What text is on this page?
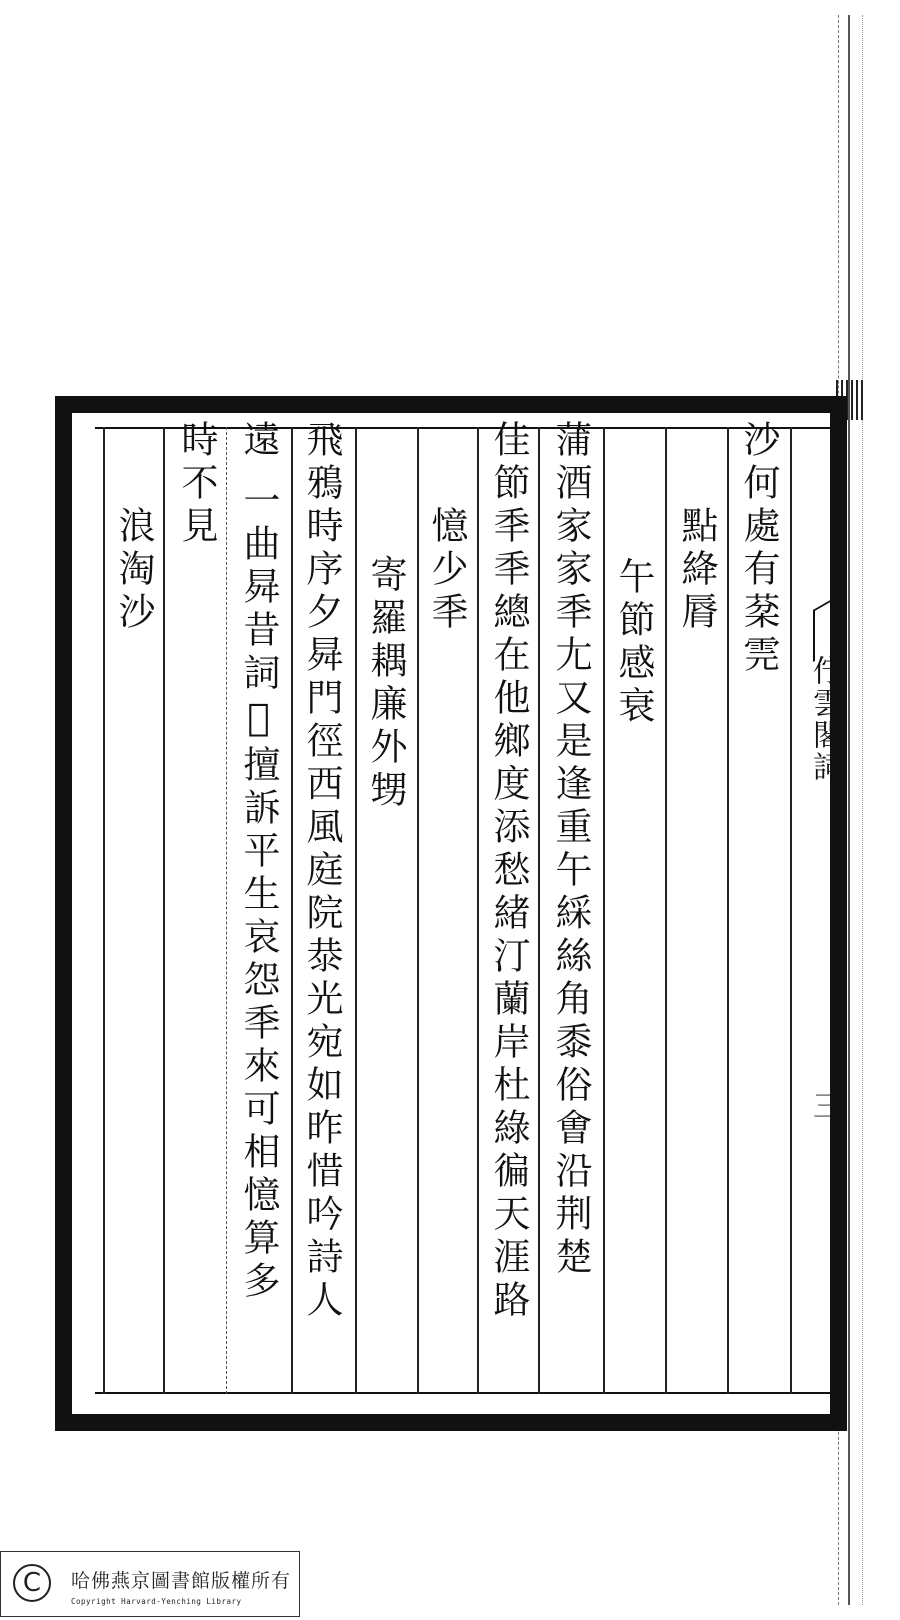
沙何處有棻䨌
點絳脣
午節感衰
蒲酒家家秊尢又是逢重午綵絲角黍俗㑹沿荆楚
佳節秊秊總在他鄉度添愁緒汀蘭岸杜綠徧天涯路
憶少秊
寄羅耦廉外甥
飛鴉時序夕曻門徑西風庭院㳟光宛如昨惜吟詩人
遠 一曲曻昔詞𣢾擅訴平生哀怨秊來可相憶算多
時不見
浪淘沙
佇雲閣詞
三
C	哈佛燕京圖書館版權所有
Copyright Harvard-Yenching Library
